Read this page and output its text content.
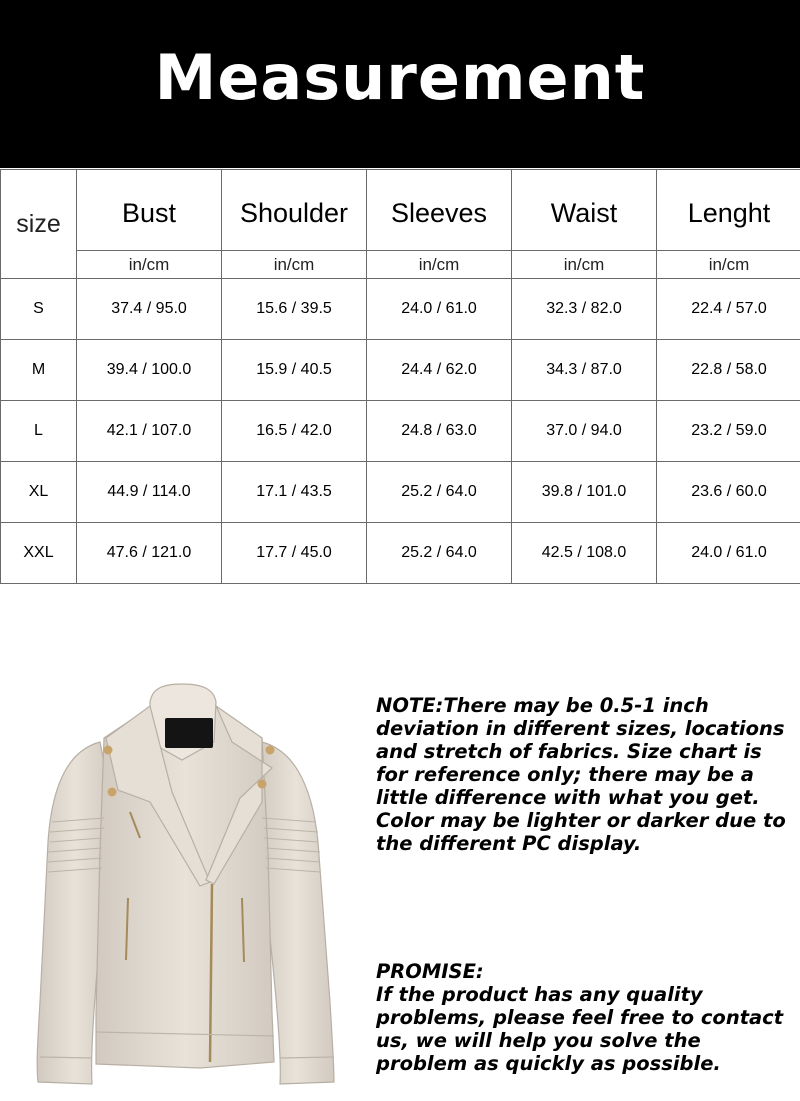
Measurement
size	Bust	Shoulder	Sleeves	Waist	Lenght
	in/cm	in/cm	in/cm	in/cm	in/cm
S	37.4 / 95.0	15.6 / 39.5	24.0 / 61.0	32.3 / 82.0	22.4 / 57.0
M	39.4 / 100.0	15.9 / 40.5	24.4 / 62.0	34.3 / 87.0	22.8 / 58.0
L	42.1 / 107.0	16.5 / 42.0	24.8 / 63.0	37.0 / 94.0	23.2 / 59.0
XL	44.9 / 114.0	17.1 / 43.5	25.2 / 64.0	39.8 / 101.0	23.6 / 60.0
XXL	47.6 / 121.0	17.7 / 45.0	25.2 / 64.0	42.5 / 108.0	24.0 / 61.0
NOTE:There may be 0.5-1 inch deviation in different sizes, locations and stretch of fabrics. Size chart is for reference only; there may be a little difference with what you get. Color may be lighter or darker due to the different PC display.
PROMISE:
If the product has any quality problems, please feel free to contact us, we will help you solve the problem as quickly as possible.
